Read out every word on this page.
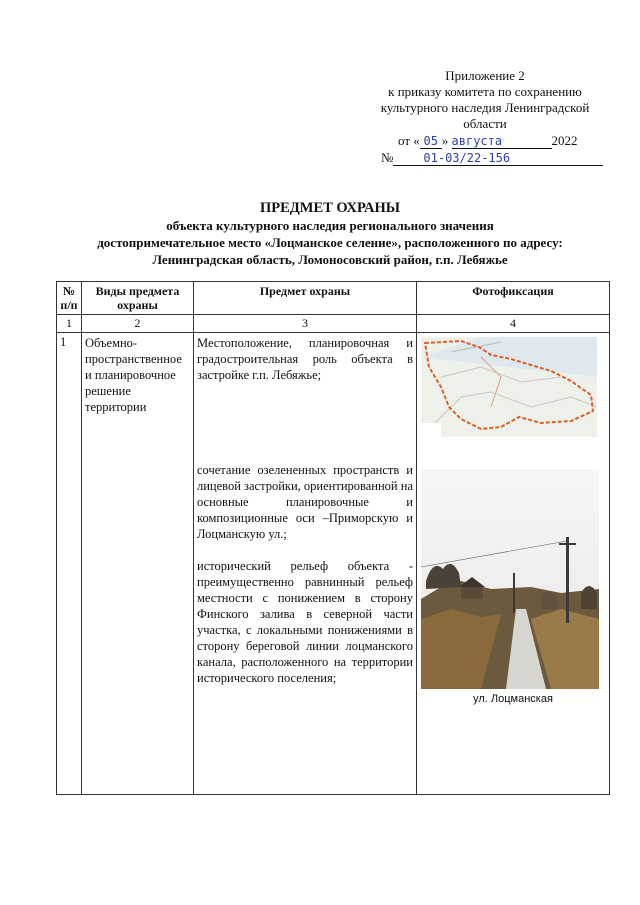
Приложение 2
к приказу комитета по сохранению
культурного наследия Ленинградской
области
от « 05 » августа	2022
№	01-03/22-156
ПРЕДМЕТ ОХРАНЫ
объекта культурного наследия регионального значения
достопримечательное место «Лоцманское селение», расположенного по адресу:
Ленинградская область, Ломоносовский район, г.п. Лебяжье
№ п/п	Виды предмета охраны	Предмет охраны	Фотофиксация
1	2	3	4
1	Объемно-пространственное и планировочное решение территории	Местоположение, планировочная и градостроительная роль объекта в застройке г.п. Лебяжье;
сочетание озелененных пространств и лицевой застройки, ориентированной на основные планировочные и композиционные оси –Приморскую и Лоцманскую ул.;
исторический рельеф объекта - преимущественно равнинный рельеф местности с понижением в сторону Финского залива в северной части участка, с локальными понижениями в сторону береговой линии лоцманского канала, расположенного на территории исторического поселения;	ул. Лоцманская
